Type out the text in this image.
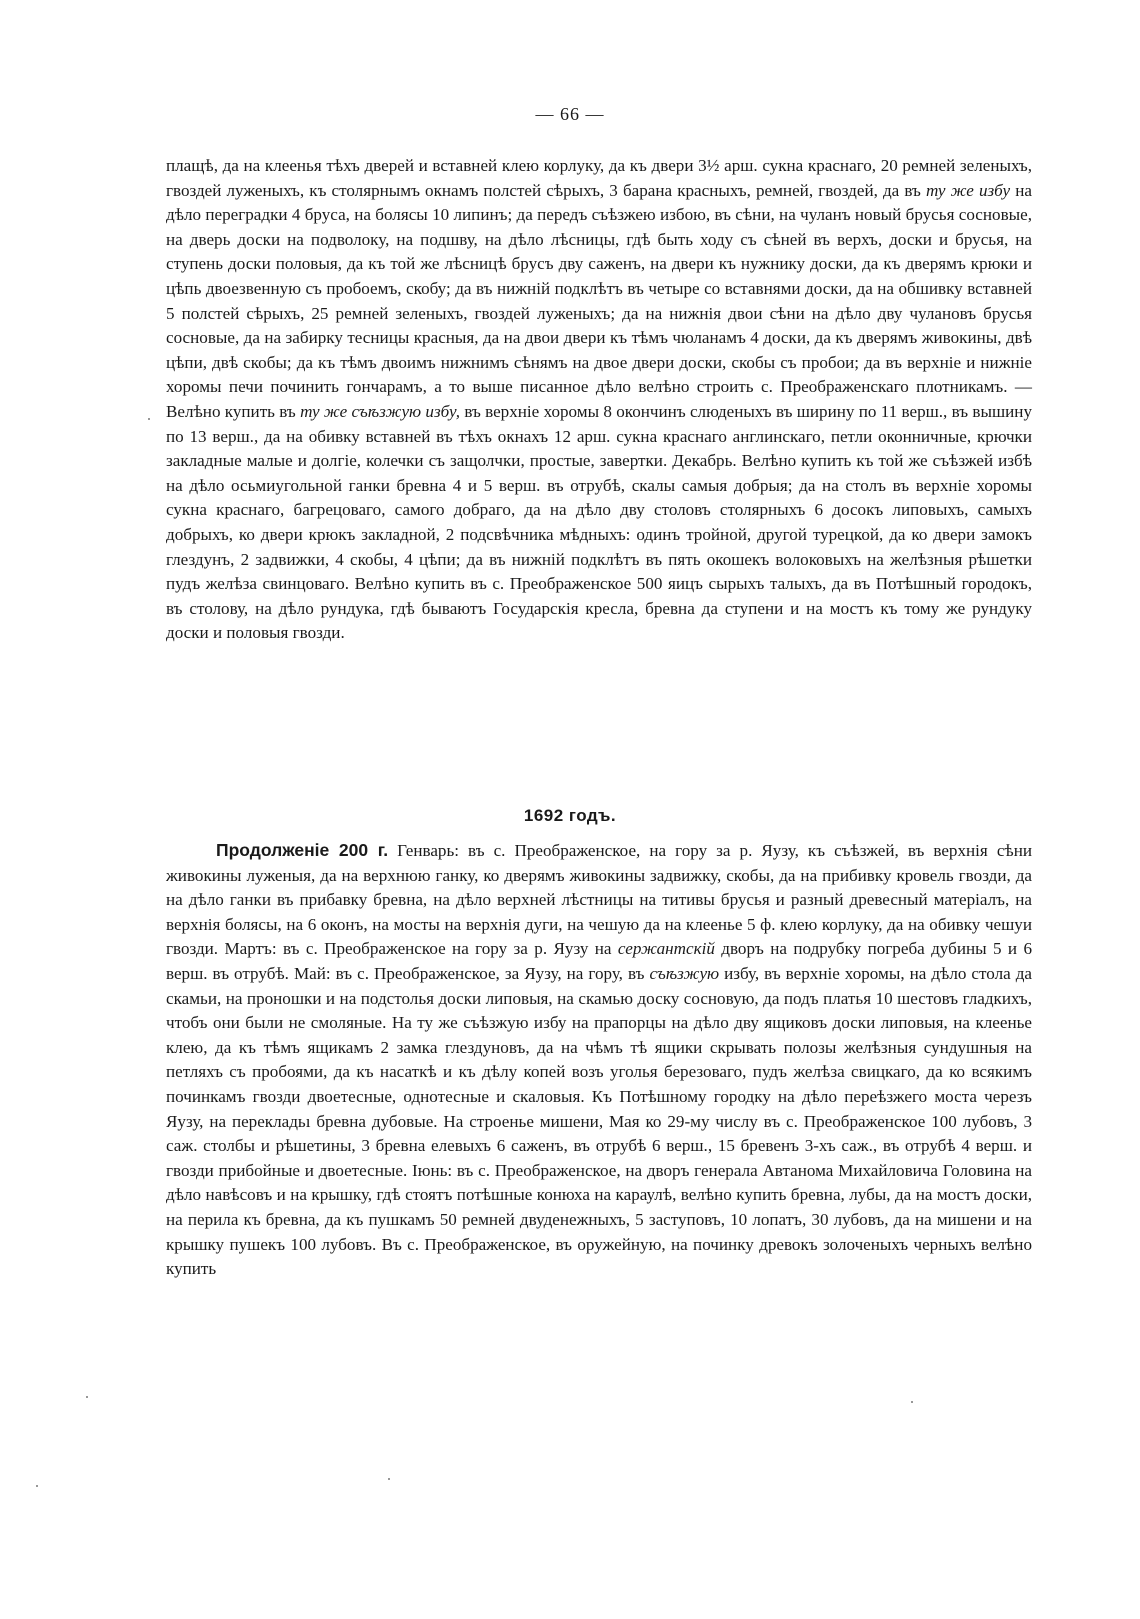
— 66 —
плащѣ, да на клеенья тѣхъ дверей и вставней клею корлуку, да къ двери 3½ арш. сукна краснаго, 20 ремней зеленыхъ, гвоздей луженыхъ, къ столярнымъ окнамъ полстей сѣрыхъ, 3 барана красныхъ, ремней, гвоздей, да въ ту же избу на дѣло перегрaдки 4 бруса, на болясы 10 липинъ; да передъ съѣзжею избою, въ сѣни, на чуланъ новый брусья сосновые, на дверь доски на подволоку, на подшву, на дѣло лѣсницы, гдѣ быть ходу съ сѣней въ верхъ, доски и брусья, на ступень доски половыя, да къ той же лѣсницѣ брусъ дву саженъ, на двери къ нужнику доски, да къ дверямъ крюки и цѣпь двоезвенную съ пробоемъ, скобу; да въ нижній подклѣтъ въ четыре со вставнями доски, да на обшивку вставней 5 полстей сѣрыхъ, 25 ремней зеленыхъ, гвоздей луженыхъ; да на нижнія двои сѣни на дѣло дву чулановъ брусья сосновые, да на забирку тесницы красныя, да на двои двери къ тѣмъ чюланамъ 4 доски, да къ дверямъ живокины, двѣ цѣпи, двѣ скобы; да къ тѣмъ двоимъ нижнимъ сѣнямъ на двое двери доски, скобы съ пробои; да въ верхніе и нижніе хоромы печи починить гончарамъ, а то выше писанное дѣло велѣно строить с. Преображенскаго плотникамъ. — Велѣно купить въ ту же съѣзжую избу, въ верхніе хоромы 8 окончинъ слюденыхъ въ ширину по 11 верш., въ вышину по 13 верш., да на обивку вставней въ тѣхъ окнахъ 12 арш. сукна краснаго англинскаго, петли оконничные, крючки закладные малые и долгіе, колечки съ защолчки, простые, завертки. Декабрь. Велѣно купить къ той же съѣзжей избѣ на дѣло осьмиугольной ганки бревна 4 и 5 верш. въ отрубѣ, скалы самыя добрыя; да на столъ въ верхніе хоромы сукна краснаго, багрецоваго, самого добраго, да на дѣло дву столовъ столярныхъ 6 досокъ липовыхъ, самыхъ добрыхъ, ко двери крюкъ закладной, 2 подсвѣчника мѣдныхъ: одинъ тройной, другой турецкой, да ко двери замокъ глездунъ, 2 задвижки, 4 скобы, 4 цѣпи; да въ нижній подклѣтъ въ пять окошекъ волоковыхъ на желѣзныя рѣшетки пудъ желѣза свинцоваго. Велѣно купить въ с. Преображенское 500 яицъ сырыхъ талыхъ, да въ Потѣшный городокъ, въ столову, на дѣло рундука, гдѣ бываютъ Государскія кресла, бревна да ступени и на мостъ къ тому же рундуку доски и половыя гвозди.
1692 годъ.
Продолженіе 200 г. Генварь: въ с. Преображенское, на гору за р. Яузу, къ съѣзжей, въ верхнія сѣни живокины луженыя, да на верхнюю ганку, ко дверямъ живокины задвижку, скобы, да на прибивку кровель гвозди, да на дѣло ганки въ прибавку бревна, на дѣло верхней лѣстницы на титивы брусья и разный древесный матеріалъ, на верхнія болясы, на 6 оконъ, на мосты на верхнія дуги, на чешую да на клеенье 5 ф. клею корлуку, да на обивку чешуи гвозди. Мартъ: въ с. Преображенское на гору за р. Яузу на сержантскій дворъ на подрубку погреба дубины 5 и 6 верш. въ отрубѣ. Май: въ с. Преображенское, за Яузу, на гору, въ съѣзжую избу, въ верхніе хоромы, на дѣло стола да скамьи, на проношки и на подстолья доски липовыя, на скамью доску сосновую, да подъ платья 10 шестовъ гладкихъ, чтобъ они были не смоляные. На ту же съѣзжую избу на прапорцы на дѣло дву ящиковъ доски липовыя, на клеенье клею, да къ тѣмъ ящикамъ 2 замка глездуновъ, да на чѣмъ тѣ ящики скрывать полозы желѣзныя сундушныя на петляхъ съ пробоями, да къ насаткѣ и къ дѣлу копей возъ уголья березоваго, пудъ желѣза свицкаго, да ко всякимъ починкамъ гвозди двоетесные, однотесные и скаловыя. Къ Потѣшному городку на дѣло переѣзжего моста черезъ Яузу, на перекладьı бревна дубовые. На строенье мишени, Мая ко 29-му числу въ с. Преображенское 100 лубовъ, 3 саж. столбы и рѣшетины, 3 бревна елевыхъ 6 саженъ, въ отрубѣ 6 верш., 15 бревенъ 3-хъ саж., въ отрубѣ 4 верш. и гвозди прибойные и двоетесные. Іюнь: въ с. Преображенское, на дворъ генерала Автанома Михайловича Головина на дѣло навѣсовъ и на крышку, гдѣ стоятъ потѣшные конюха на караулѣ, велѣно купить бревна, лубы, да на мостъ доски, на перила къ бревна, да къ пушкамъ 50 ремней двуденежныхъ, 5 заступовъ, 10 лопатъ, 30 лубовъ, да на мишени и на крышку пушекъ 100 лубовъ. Въ с. Преображенское, въ оружейную, на починку древокъ золоченыхъ черныхъ велѣно купить
